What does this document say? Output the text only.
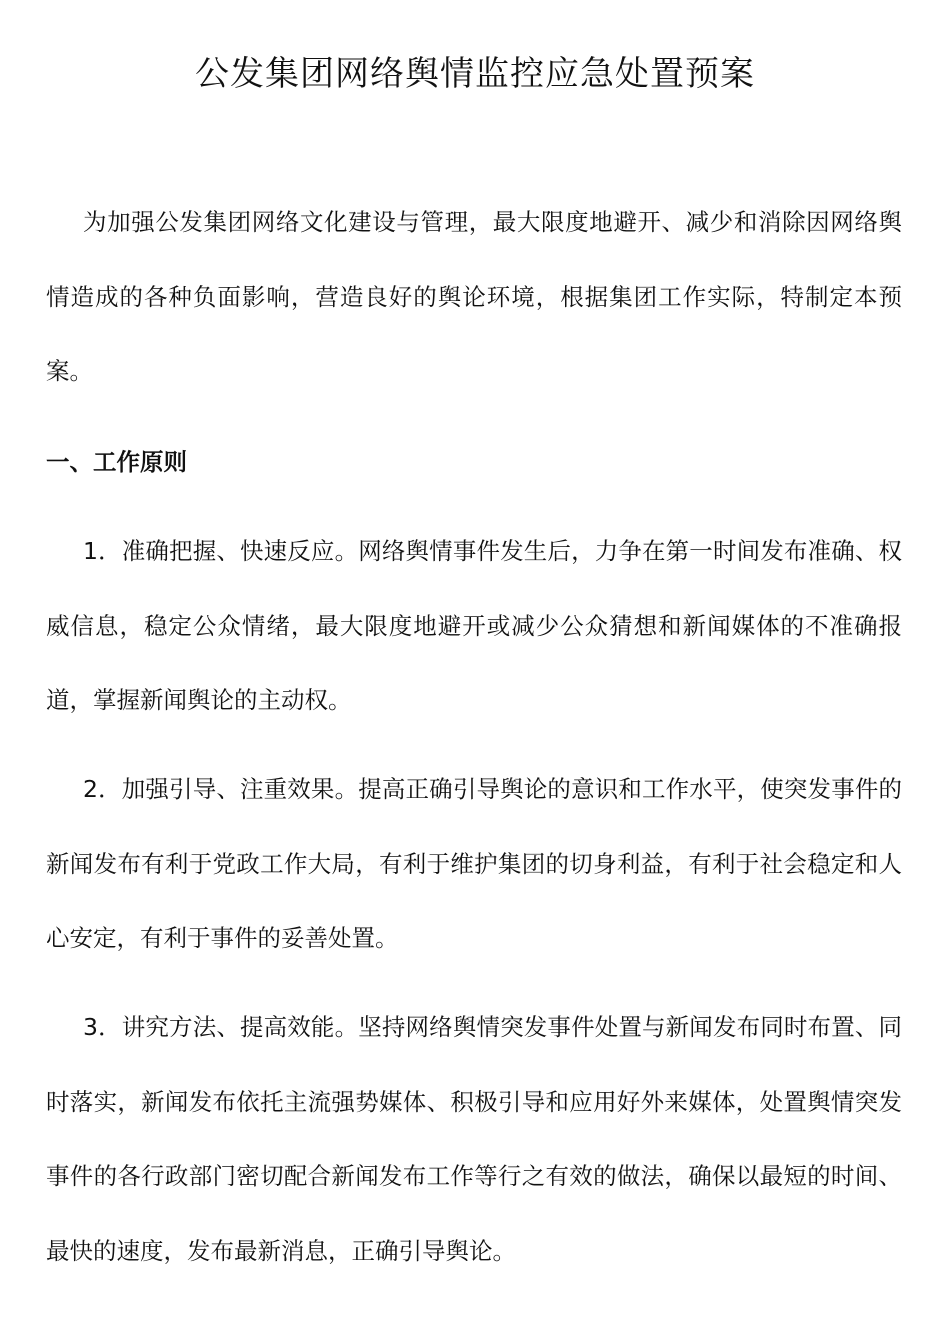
公发集团网络舆情监控应急处置预案

为加强公发集团网络文化建设与管理，最大限度地避开、减少和消除因网络舆情造成的各种负面影响，营造良好的舆论环境，根据集团工作实际，特制定本预案。

一、工作原则

1．准确把握、快速反应。网络舆情事件发生后，力争在第一时间发布准确、权威信息，稳定公众情绪，最大限度地避开或减少公众猜想和新闻媒体的不准确报道，掌握新闻舆论的主动权。

2．加强引导、注重效果。提高正确引导舆论的意识和工作水平，使突发事件的新闻发布有利于党政工作大局，有利于维护集团的切身利益，有利于社会稳定和人心安定，有利于事件的妥善处置。

3．讲究方法、提高效能。坚持网络舆情突发事件处置与新闻发布同时布置、同时落实，新闻发布依托主流强势媒体、积极引导和应用好外来媒体，处置舆情突发事件的各行政部门密切配合新闻发布工作等行之有效的做法，确保以最短的时间、最快的速度，发布最新消息，正确引导舆论。
